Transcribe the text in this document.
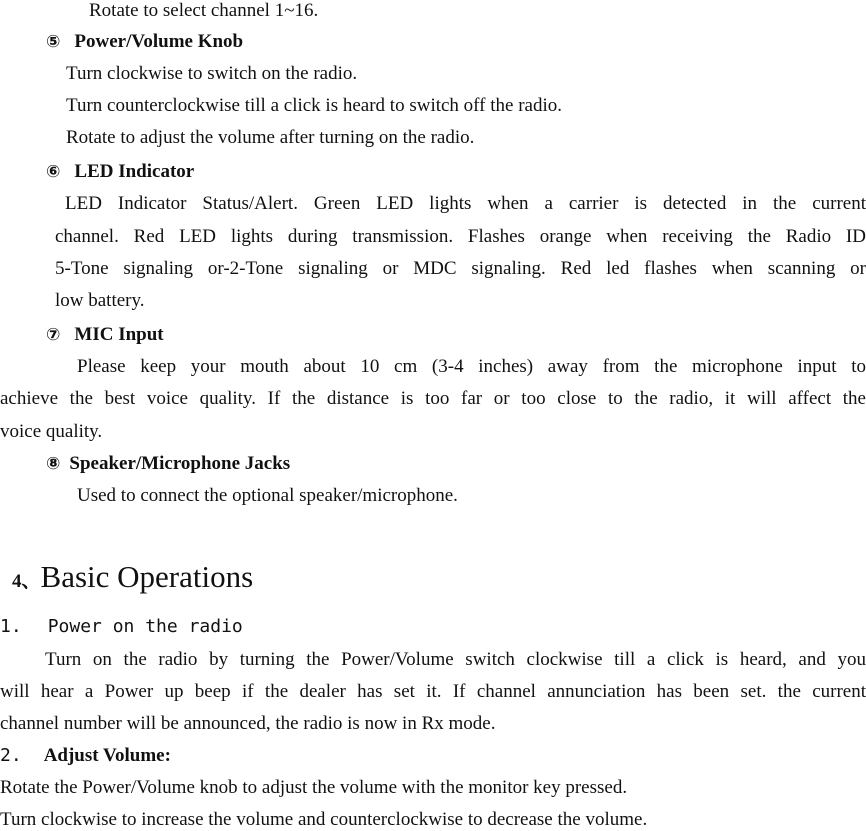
Rotate to select channel 1~16.
⑤ Power/Volume Knob
Turn clockwise to switch on the radio.
Turn counterclockwise till a click is heard to switch off the radio.
Rotate to adjust the volume after turning on the radio.
⑥ LED Indicator
LED Indicator Status/Alert. Green LED lights when a carrier is detected in the current
channel. Red LED lights during transmission. Flashes orange when receiving the Radio ID
5-Tone signaling or-2-Tone signaling or MDC signaling. Red led flashes when scanning or
low battery.
⑦ MIC Input
Please keep your mouth about 10 cm (3-4 inches) away from the microphone input to
achieve the best voice quality. If the distance is too far or too close to the radio, it will affect the
voice quality.
⑧ Speaker/Microphone Jacks
Used to connect the optional speaker/microphone.
4、Basic Operations
1. Power on the radio
Turn on the radio by turning the Power/Volume switch clockwise till a click is heard, and you
will hear a Power up beep if the dealer has set it. If channel annunciation has been set. the current
channel number will be announced, the radio is now in Rx mode.
2. Adjust Volume:
Rotate the Power/Volume knob to adjust the volume with the monitor key pressed.
Turn clockwise to increase the volume and counterclockwise to decrease the volume.
